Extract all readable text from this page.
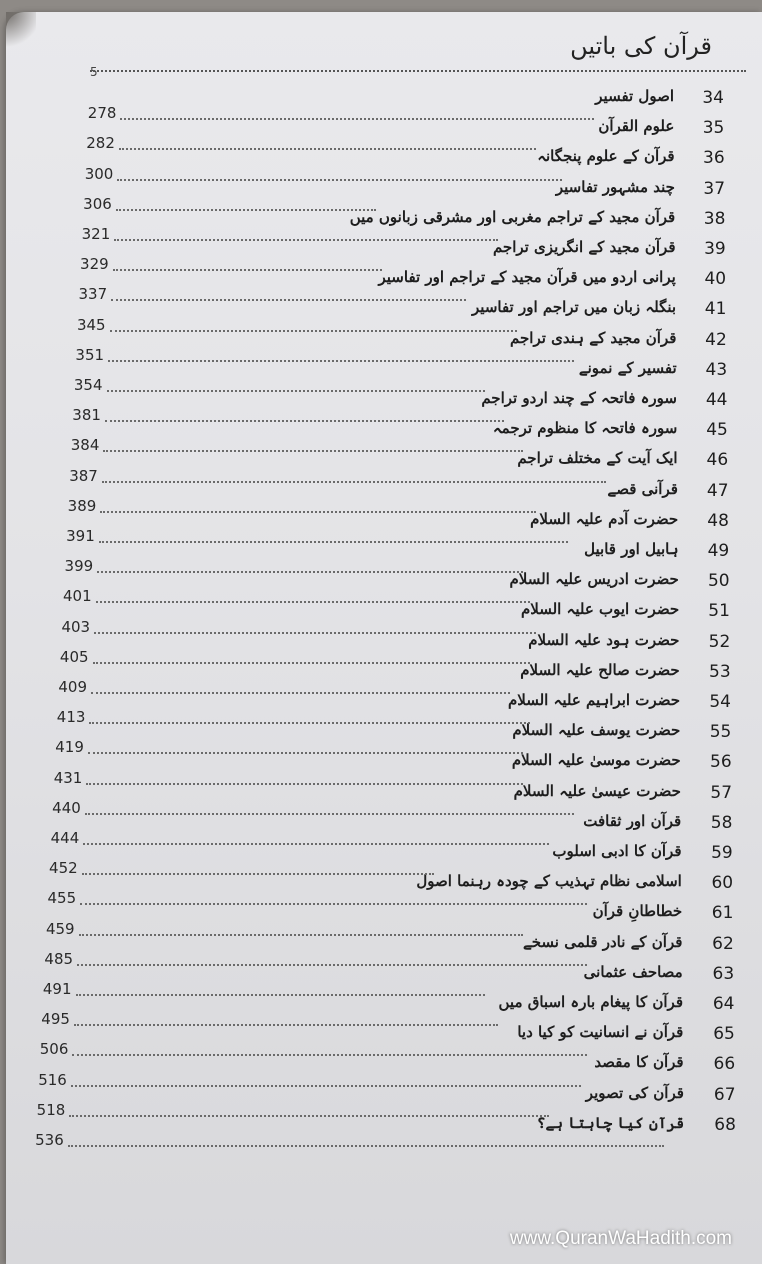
قرآن کی باتیں
5
34
اصول تفسیر
35
علوم القرآن
278
36
قرآن کے علوم پنجگانہ
282
37
چند مشہور تفاسیر
300
38
قرآن مجید کے تراجم مغربی اور مشرقی زبانوں میں
306
39
قرآن مجید کے انگریزی تراجم
321
40
پرانی اردو میں قرآن مجید کے تراجم اور تفاسیر
329
41
بنگلہ زبان میں تراجم اور تفاسیر
337
42
قرآن مجید کے ہندی تراجم
345
43
تفسیر کے نمونے
351
44
سورہ فاتحہ کے چند اردو تراجم
354
45
سورہ فاتحہ کا منظوم ترجمہ
381
46
ایک آیت کے مختلف تراجم
384
47
قرآنی قصے
387
48
حضرت آدم علیہ السلام
389
49
ہابیل اور قابیل
391
50
حضرت ادریس علیہ السلام
399
51
حضرت ایوب علیہ السلام
401
52
حضرت ہود علیہ السلام
403
53
حضرت صالح علیہ السلام
405
54
حضرت ابراہیم علیہ السلام
409
55
حضرت یوسف علیہ السلام
413
56
حضرت موسیٰ علیہ السلام
419
57
حضرت عیسیٰ علیہ السلام
431
58
قرآن اور ثقافت
440
59
قرآن کا ادبی اسلوب
444
60
اسلامی نظام تہذیب کے چودہ رہنما اصول
452
61
خطاطانِ قرآن
455
62
قرآن کے نادر قلمی نسخے
459
63
مصاحف عثمانی
485
64
قرآن کا پیغام بارہ اسباق میں
491
65
قرآن نے انسانیت کو کیا دیا
495
66
قرآن کا مقصد
506
67
قرآن کی تصویر
516
68
قرآن کیا چاہتا ہے؟
518
536
www.QuranWaHadith.com
